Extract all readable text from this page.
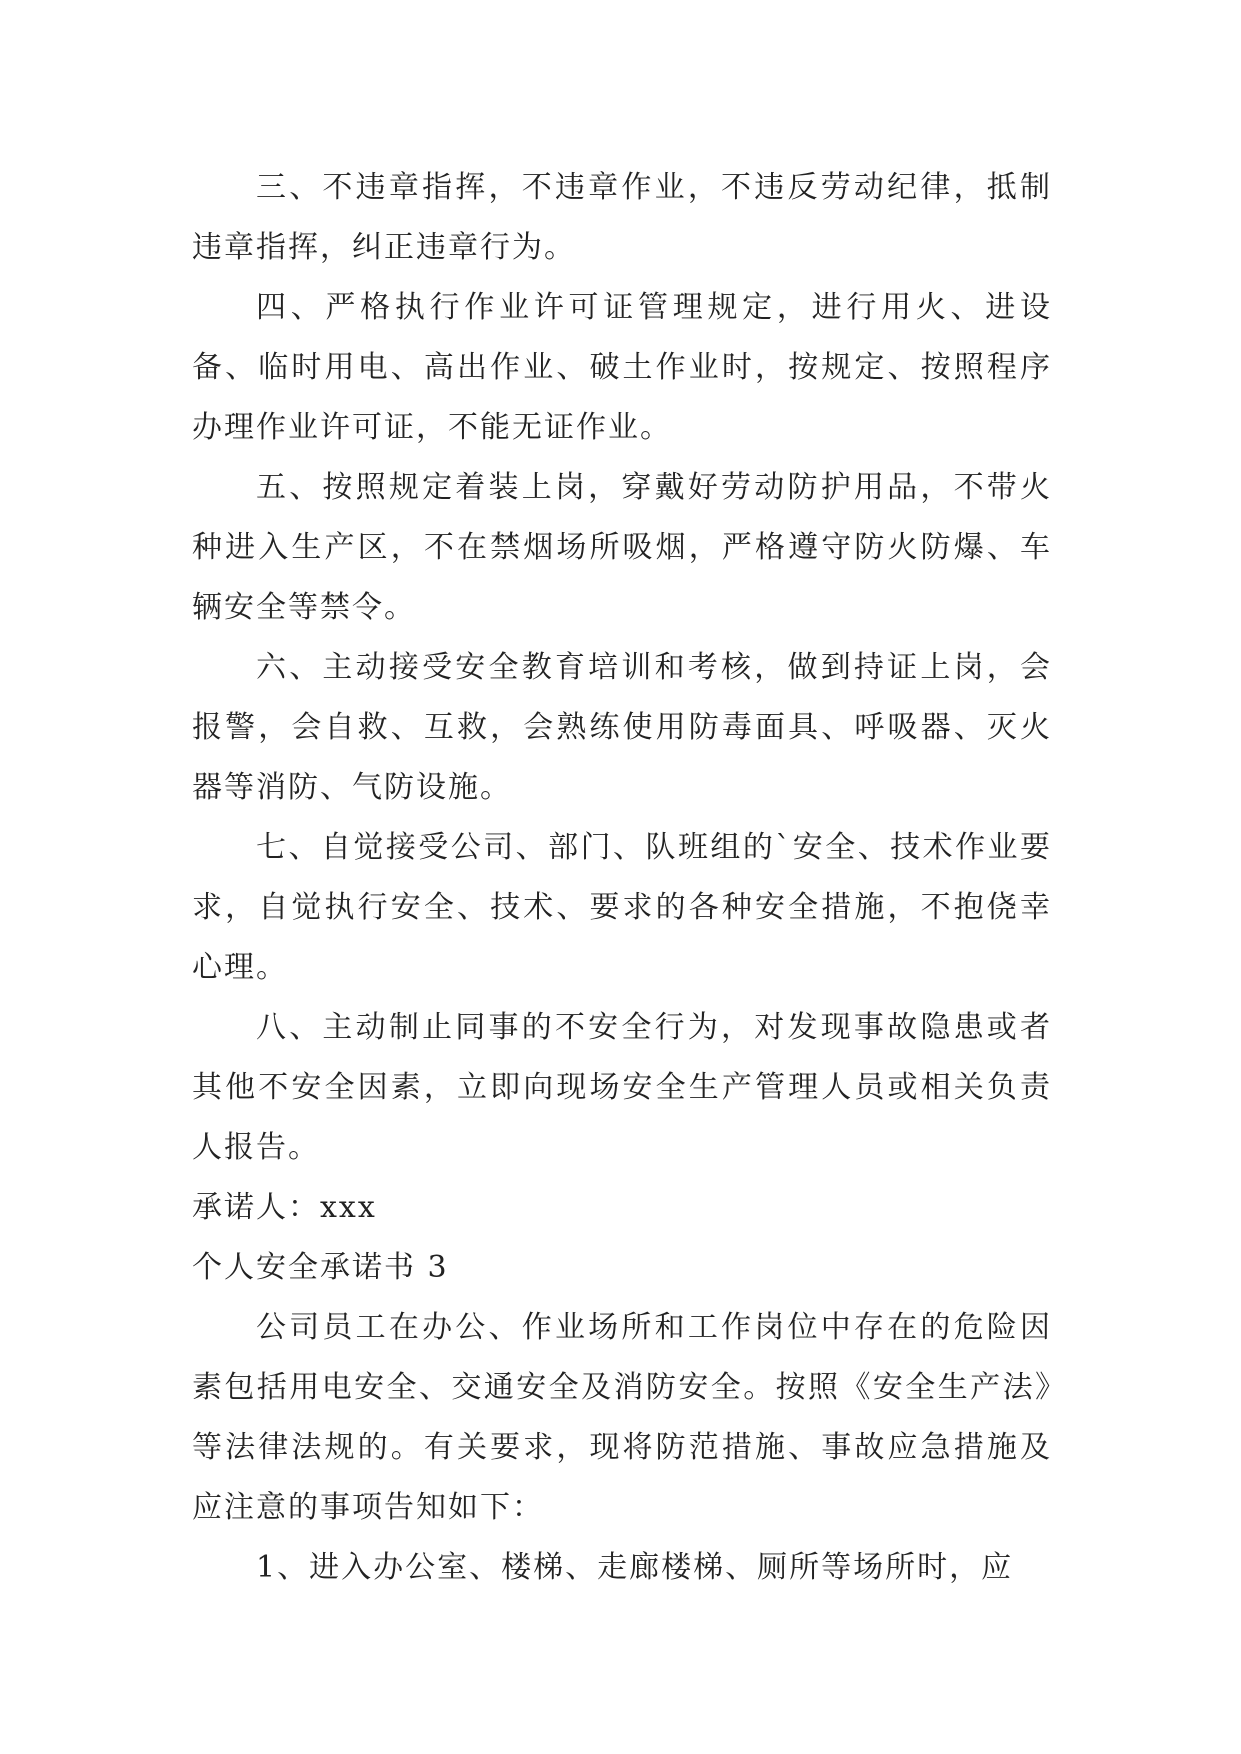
三、不违章指挥，不违章作业，不违反劳动纪律，抵制违章指挥，纠正违章行为。

四、严格执行作业许可证管理规定，进行用火、进设备、临时用电、高出作业、破土作业时，按规定、按照程序办理作业许可证，不能无证作业。

五、按照规定着装上岗，穿戴好劳动防护用品，不带火种进入生产区，不在禁烟场所吸烟，严格遵守防火防爆、车辆安全等禁令。

六、主动接受安全教育培训和考核，做到持证上岗，会报警，会自救、互救，会熟练使用防毒面具、呼吸器、灭火器等消防、气防设施。

七、自觉接受公司、部门、队班组的`安全、技术作业要求，自觉执行安全、技术、要求的各种安全措施，不抱侥幸心理。

八、主动制止同事的不安全行为，对发现事故隐患或者其他不安全因素，立即向现场安全生产管理人员或相关负责人报告。

承诺人：xxx

个人安全承诺书 3

公司员工在办公、作业场所和工作岗位中存在的危险因素包括用电安全、交通安全及消防安全。按照《安全生产法》等法律法规的。有关要求，现将防范措施、事故应急措施及应注意的事项告知如下：

1、进入办公室、楼梯、走廊楼梯、厕所等场所时，应
